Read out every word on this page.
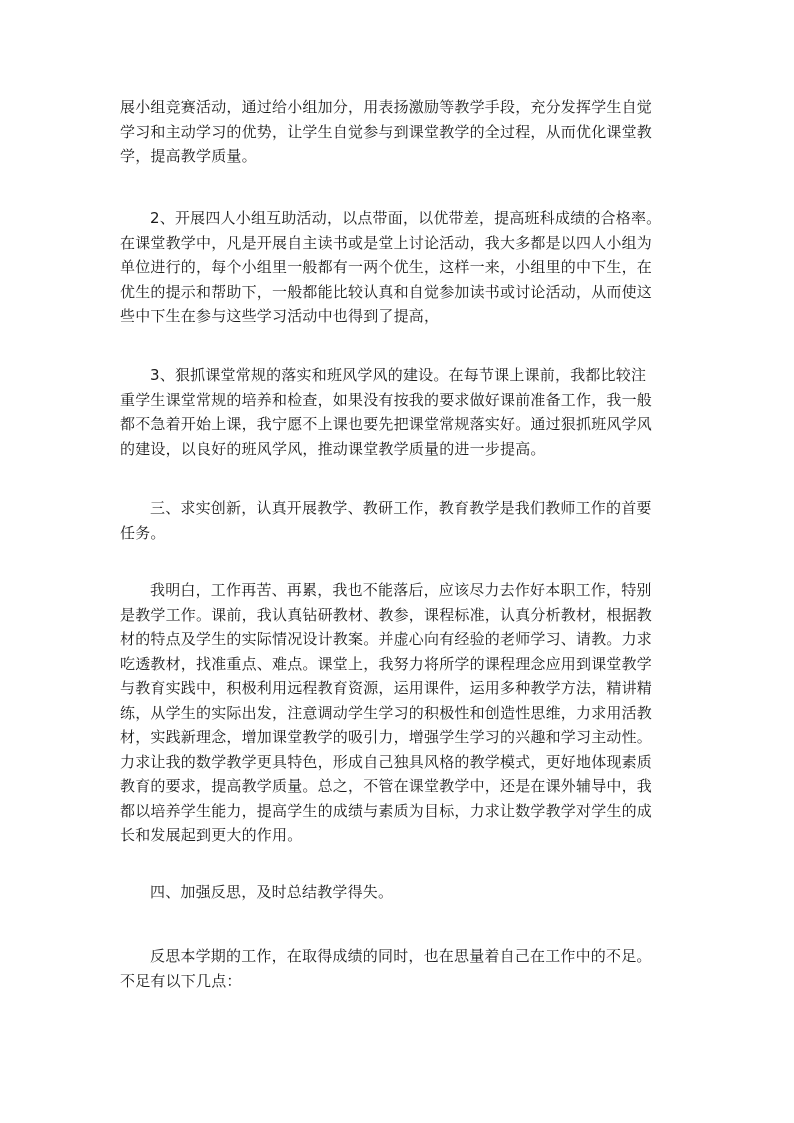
展小组竞赛活动，通过给小组加分，用表扬激励等教学手段，充分发挥学生自觉
学习和主动学习的优势，让学生自觉参与到课堂教学的全过程，从而优化课堂教
学，提高教学质量。
2、开展四人小组互助活动，以点带面，以优带差，提高班科成绩的合格率。
在课堂教学中，凡是开展自主读书或是堂上讨论活动，我大多都是以四人小组为
单位进行的，每个小组里一般都有一两个优生，这样一来，小组里的中下生，在
优生的提示和帮助下，一般都能比较认真和自觉参加读书或讨论活动，从而使这
些中下生在参与这些学习活动中也得到了提高，
3、狠抓课堂常规的落实和班风学风的建设。在每节课上课前，我都比较注
重学生课堂常规的培养和检查，如果没有按我的要求做好课前准备工作，我一般
都不急着开始上课，我宁愿不上课也要先把课堂常规落实好。通过狠抓班风学风
的建设，以良好的班风学风，推动课堂教学质量的进一步提高。
三、求实创新，认真开展教学、教研工作，教育教学是我们教师工作的首要
任务。
我明白，工作再苦、再累，我也不能落后，应该尽力去作好本职工作，特别
是教学工作。课前，我认真钻研教材、教参，课程标准，认真分析教材，根据教
材的特点及学生的实际情况设计教案。并虚心向有经验的老师学习、请教。力求
吃透教材，找准重点、难点。课堂上，我努力将所学的课程理念应用到课堂教学
与教育实践中，积极利用远程教育资源，运用课件，运用多种教学方法，精讲精
练，从学生的实际出发，注意调动学生学习的积极性和创造性思维，力求用活教
材，实践新理念，增加课堂教学的吸引力，增强学生学习的兴趣和学习主动性。
力求让我的数学教学更具特色，形成自己独具风格的教学模式，更好地体现素质
教育的要求，提高教学质量。总之，不管在课堂教学中，还是在课外辅导中，我
都以培养学生能力，提高学生的成绩与素质为目标，力求让数学教学对学生的成
长和发展起到更大的作用。
四、加强反思，及时总结教学得失。
反思本学期的工作，在取得成绩的同时，也在思量着自己在工作中的不足。
不足有以下几点：
